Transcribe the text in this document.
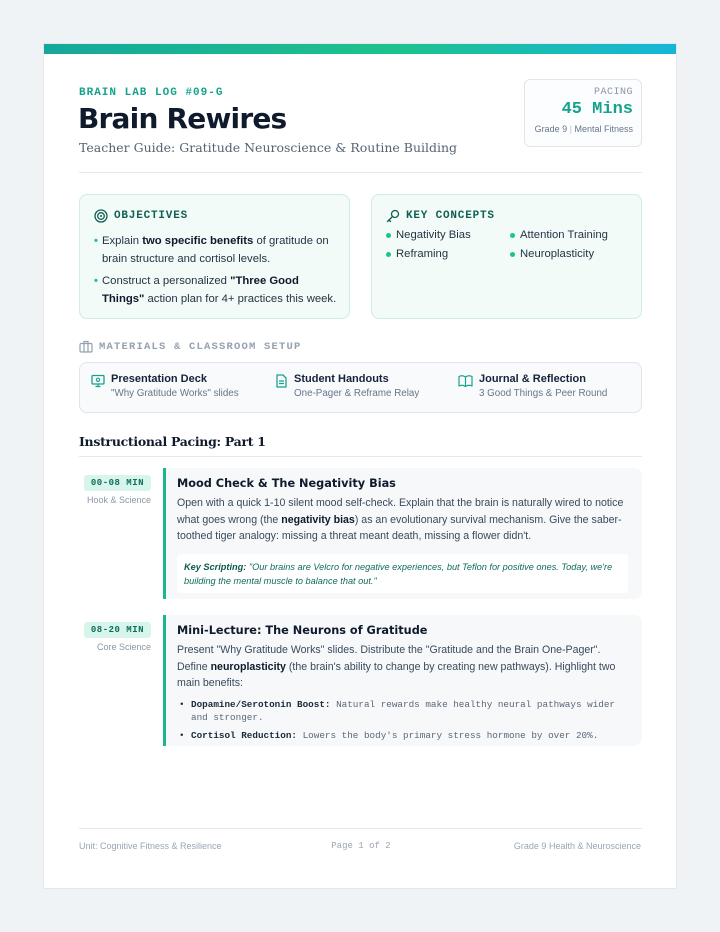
BRAIN LAB LOG #09-G
Brain Rewires
Teacher Guide: Gratitude Neuroscience & Routine Building
PACING
45 Mins
Grade 9 | Mental Fitness
OBJECTIVES
• Explain two specific benefits of gratitude on brain structure and cortisol levels.
• Construct a personalized "Three Good Things" action plan for 4+ practices this week.
KEY CONCEPTS
Negativity Bias	Attention Training
Reframing	Neuroplasticity
MATERIALS & CLASSROOM SETUP
Presentation Deck
"Why Gratitude Works" slides
Student Handouts
One-Pager & Reframe Relay
Journal & Reflection
3 Good Things & Peer Round
Instructional Pacing: Part 1
00-08 MIN
Hook & Science
Mood Check & The Negativity Bias
Open with a quick 1-10 silent mood self-check. Explain that the brain is naturally wired to notice what goes wrong (the negativity bias) as an evolutionary survival mechanism. Give the saber-toothed tiger analogy: missing a threat meant death, missing a flower didn't.
Key Scripting: "Our brains are Velcro for negative experiences, but Teflon for positive ones. Today, we're building the mental muscle to balance that out."
08-20 MIN
Core Science
Mini-Lecture: The Neurons of Gratitude
Present "Why Gratitude Works" slides. Distribute the "Gratitude and the Brain One-Pager". Define neuroplasticity (the brain's ability to change by creating new pathways). Highlight two main benefits:
• Dopamine/Serotonin Boost: Natural rewards make healthy neural pathways wider and stronger.
• Cortisol Reduction: Lowers the body's primary stress hormone by over 20%.
Unit: Cognitive Fitness & Resilience	Page 1 of 2	Grade 9 Health & Neuroscience
